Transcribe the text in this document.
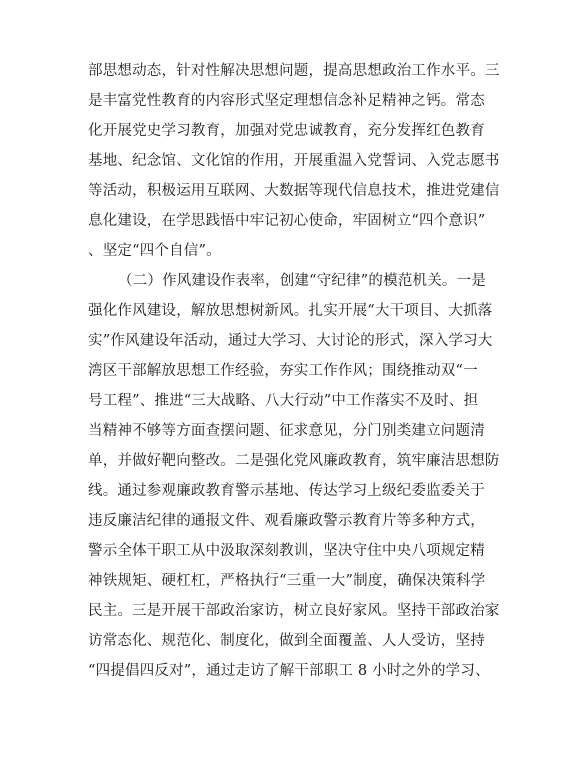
部思想动态，针对性解决思想问题，提高思想政治工作水平。三
是丰富党性教育的内容形式坚定理想信念补足精神之钙。常态
化开展党史学习教育，加强对党忠诚教育，充分发挥红色教育
基地、纪念馆、文化馆的作用，开展重温入党誓词、入党志愿书
等活动，积极运用互联网、大数据等现代信息技术，推进党建信
息化建设，在学思践悟中牢记初心使命，牢固树立“四个意识”
、坚定“四个自信”。

（二）作风建设作表率，创建“守纪律”的模范机关。一是
强化作风建设，解放思想树新风。扎实开展“大干项目、大抓落
实”作风建设年活动，通过大学习、大讨论的形式，深入学习大
湾区干部解放思想工作经验，夯实工作作风；围绕推动双“一
号工程”、推进“三大战略、八大行动”中工作落实不及时、担
当精神不够等方面查摆问题、征求意见，分门别类建立问题清
单，并做好靶向整改。二是强化党风廉政教育，筑牢廉洁思想防
线。通过参观廉政教育警示基地、传达学习上级纪委监委关于
违反廉洁纪律的通报文件、观看廉政警示教育片等多种方式，
警示全体干职工从中汲取深刻教训，坚决守住中央八项规定精
神铁规矩、硬杠杠，严格执行“三重一大”制度，确保决策科学
民主。三是开展干部政治家访，树立良好家风。坚持干部政治家
访常态化、规范化、制度化，做到全面覆盖、人人受访，坚持
“四提倡四反对”，通过走访了解干部职工 8 小时之外的学习、
